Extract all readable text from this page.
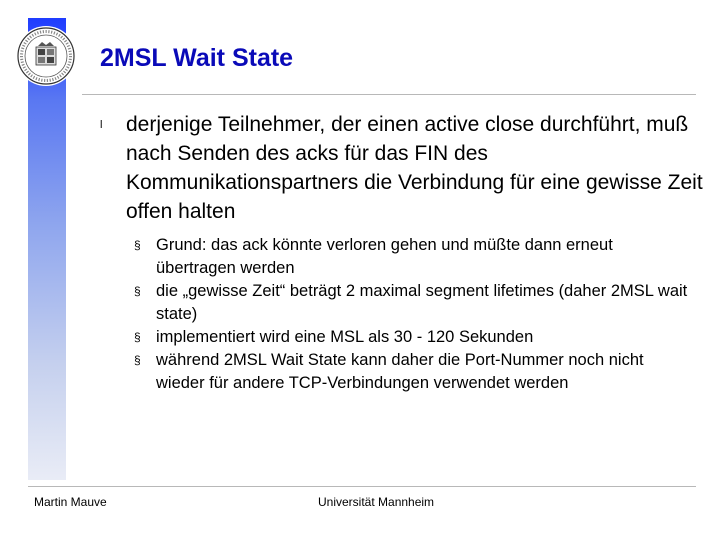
2MSL Wait State
l derjenige Teilnehmer, der einen active close durchführt, muß nach Senden des acks für das FIN des Kommunikationspartners die Verbindung für eine gewisse Zeit offen halten
§ Grund: das ack könnte verloren gehen und müßte dann erneut übertragen werden
§ die „gewisse Zeit“ beträgt 2 maximal segment lifetimes (daher 2MSL wait state)
§ implementiert wird eine MSL als 30 - 120 Sekunden
§ während 2MSL Wait State kann daher die Port-Nummer noch nicht wieder für andere TCP-Verbindungen verwendet werden
Martin Mauve	Universität Mannheim
